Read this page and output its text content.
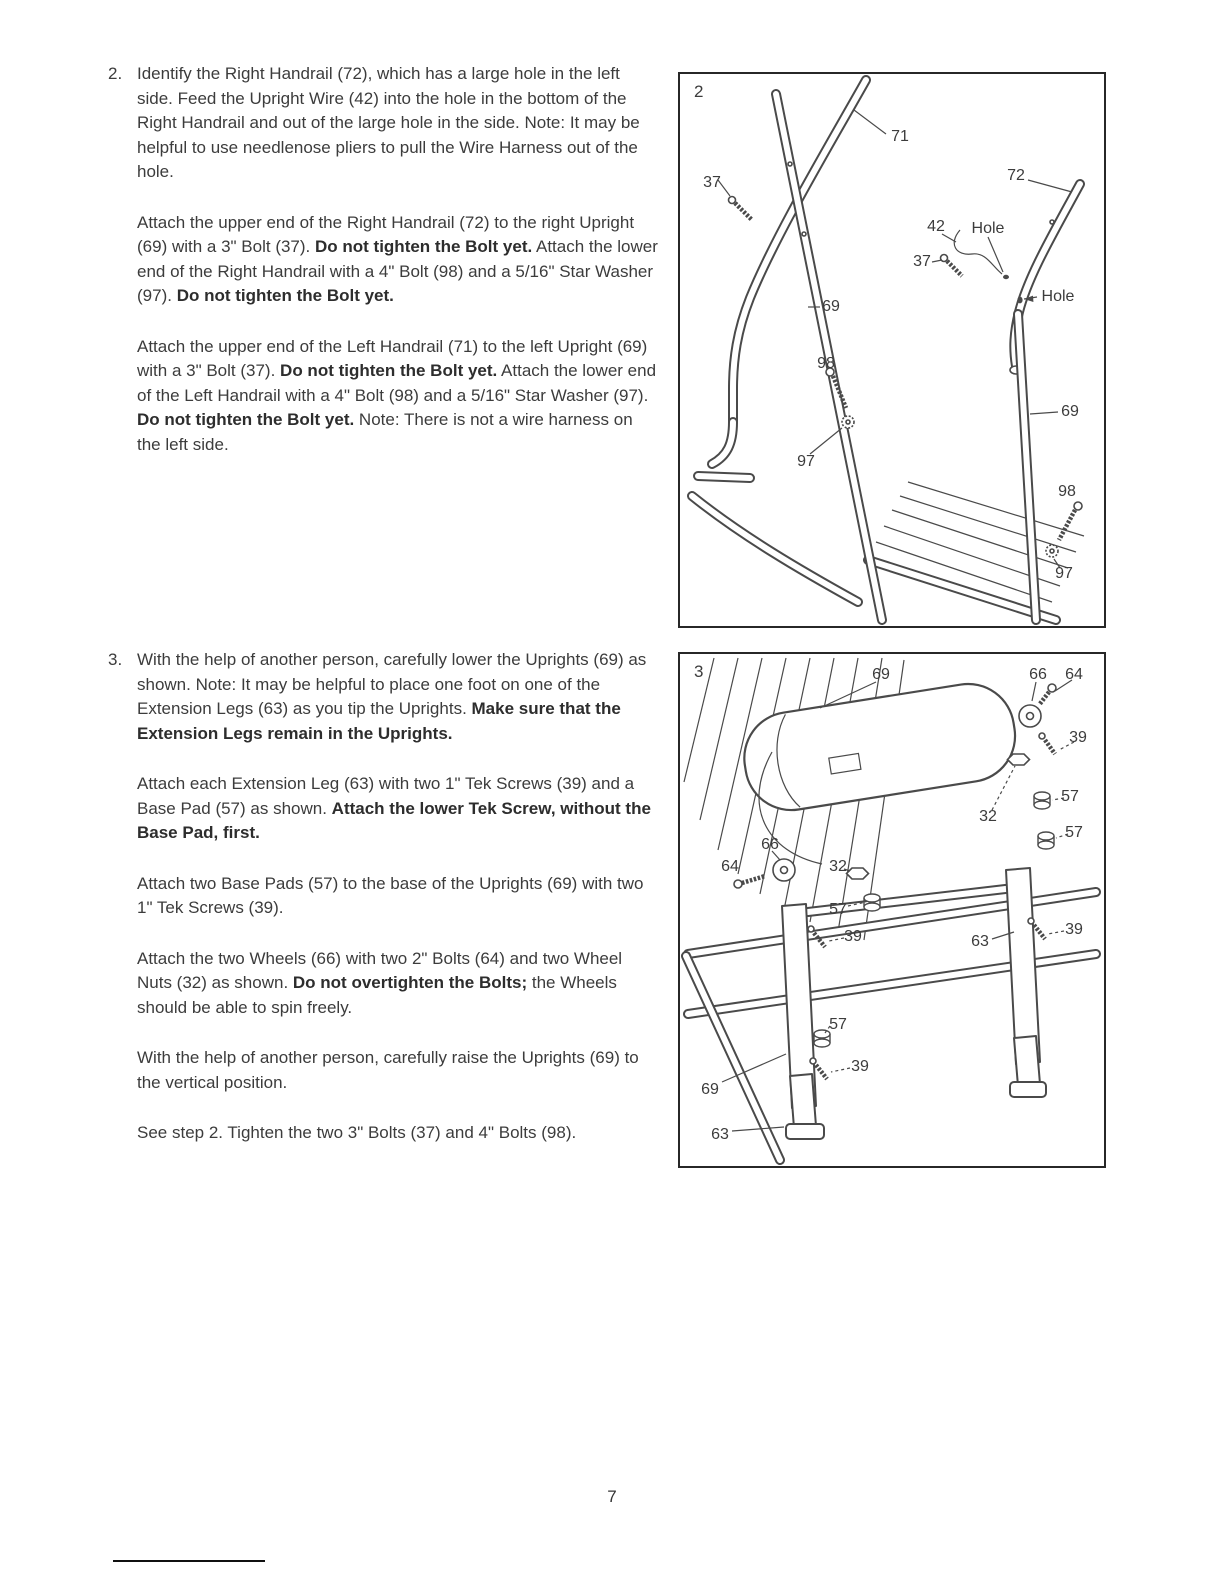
2. Identify the Right Handrail (72), which has a large hole in the left side. Feed the Upright Wire (42) into the hole in the bottom of the Right Handrail and out of the large hole in the side. Note: It may be helpful to use needlenose pliers to pull the Wire Harness out of the hole.

Attach the upper end of the Right Handrail (72) to the right Upright (69) with a 3" Bolt (37). Do not tighten the Bolt yet. Attach the lower end of the Right Handrail with a 4" Bolt (98) and a 5/16" Star Washer (97). Do not tighten the Bolt yet.

Attach the upper end of the Left Handrail (71) to the left Upright (69) with a 3" Bolt (37). Do not tighten the Bolt yet. Attach the lower end of the Left Handrail with a 4" Bolt (98) and a 5/16" Star Washer (97). Do not tighten the Bolt yet. Note: There is not a wire harness on the left side.

3. With the help of another person, carefully lower the Uprights (69) as shown. Note: It may be helpful to place one foot on one of the Extension Legs (63) as you tip the Uprights. Make sure that the Extension Legs remain in the Uprights.

Attach each Extension Leg (63) with two 1" Tek Screws (39) and a Base Pad (57) as shown. Attach the lower Tek Screw, without the Base Pad, first.

Attach two Base Pads (57) to the base of the Uprights (69) with two 1" Tek Screws (39).

Attach the two Wheels (66) with two 2" Bolts (64) and two Wheel Nuts (32) as shown. Do not overtighten the Bolts; the Wheels should be able to spin freely.

With the help of another person, carefully raise the Uprights (69) to the vertical position.

See step 2. Tighten the two 3" Bolts (37) and 4" Bolts (98).

2
71
37	72
42 Hole
37
Hole
69
98
97
69
98
97
3	69	66 64
39
57
32
57
66
64	32
57
39	63
39
57
39
69
63
7
